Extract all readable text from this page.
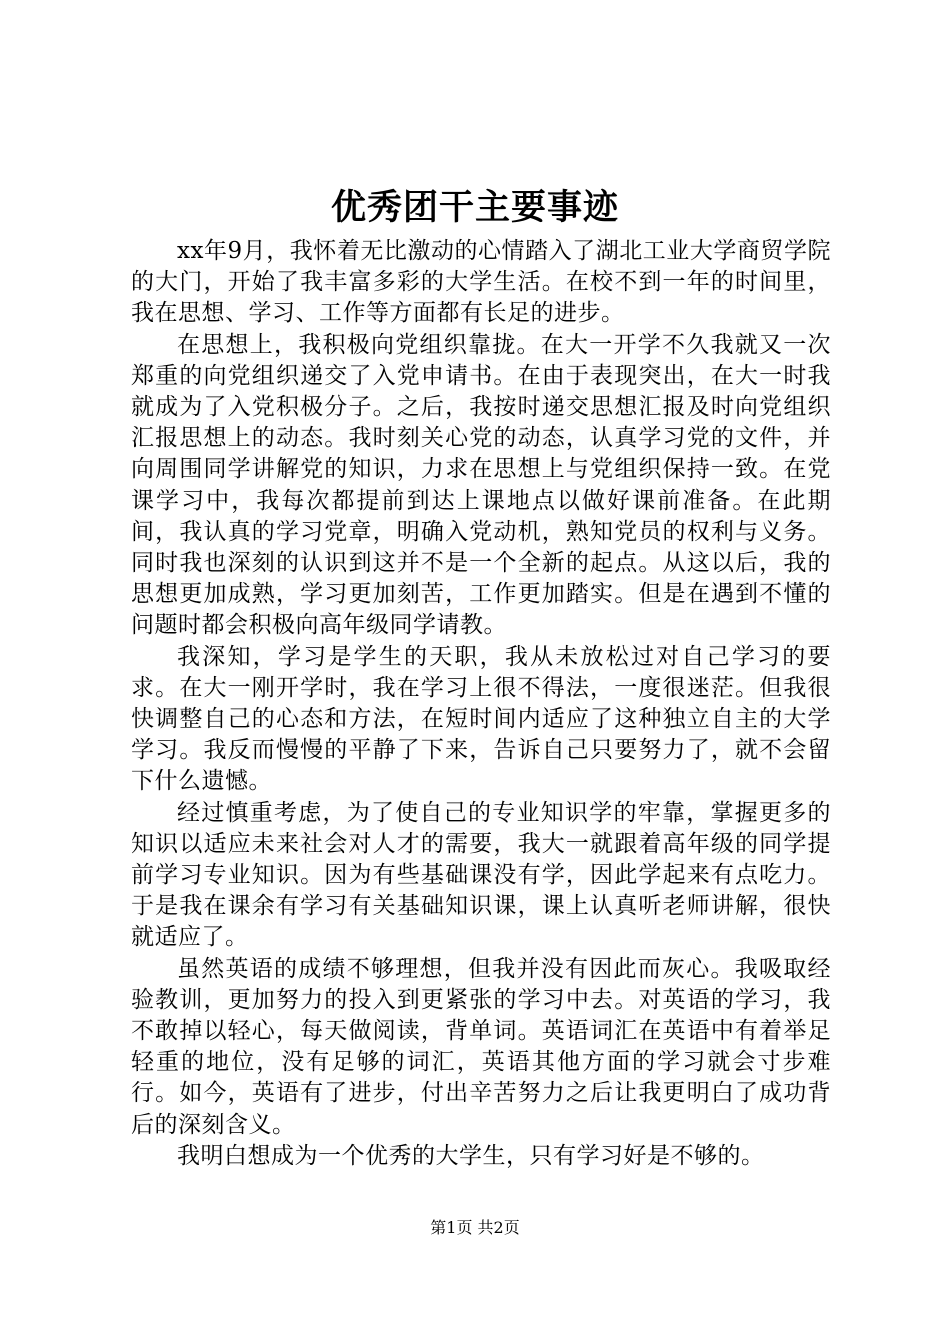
优秀团干主要事迹

xx年9月，我怀着无比激动的心情踏入了湖北工业大学商贸学院的大门，开始了我丰富多彩的大学生活。在校不到一年的时间里，我在思想、学习、工作等方面都有长足的进步。

在思想上，我积极向党组织靠拢。在大一开学不久我就又一次郑重的向党组织递交了入党申请书。在由于表现突出，在大一时我就成为了入党积极分子。之后，我按时递交思想汇报及时向党组织汇报思想上的动态。我时刻关心党的动态，认真学习党的文件，并向周围同学讲解党的知识，力求在思想上与党组织保持一致。在党课学习中，我每次都提前到达上课地点以做好课前准备。在此期间，我认真的学习党章，明确入党动机，熟知党员的权利与义务。同时我也深刻的认识到这并不是一个全新的起点。从这以后，我的思想更加成熟，学习更加刻苦，工作更加踏实。但是在遇到不懂的问题时都会积极向高年级同学请教。

我深知，学习是学生的天职，我从未放松过对自己学习的要求。在大一刚开学时，我在学习上很不得法，一度很迷茫。但我很快调整自己的心态和方法，在短时间内适应了这种独立自主的大学学习。我反而慢慢的平静了下来，告诉自己只要努力了，就不会留下什么遗憾。

经过慎重考虑，为了使自己的专业知识学的牢靠，掌握更多的知识以适应未来社会对人才的需要，我大一就跟着高年级的同学提前学习专业知识。因为有些基础课没有学，因此学起来有点吃力。于是我在课余有学习有关基础知识课，课上认真听老师讲解，很快就适应了。

虽然英语的成绩不够理想，但我并没有因此而灰心。我吸取经验教训，更加努力的投入到更紧张的学习中去。对英语的学习，我不敢掉以轻心，每天做阅读，背单词。英语词汇在英语中有着举足轻重的地位，没有足够的词汇，英语其他方面的学习就会寸步难行。如今，英语有了进步，付出辛苦努力之后让我更明白了成功背后的深刻含义。

我明白想成为一个优秀的大学生，只有学习好是不够的。

第1页 共2页
